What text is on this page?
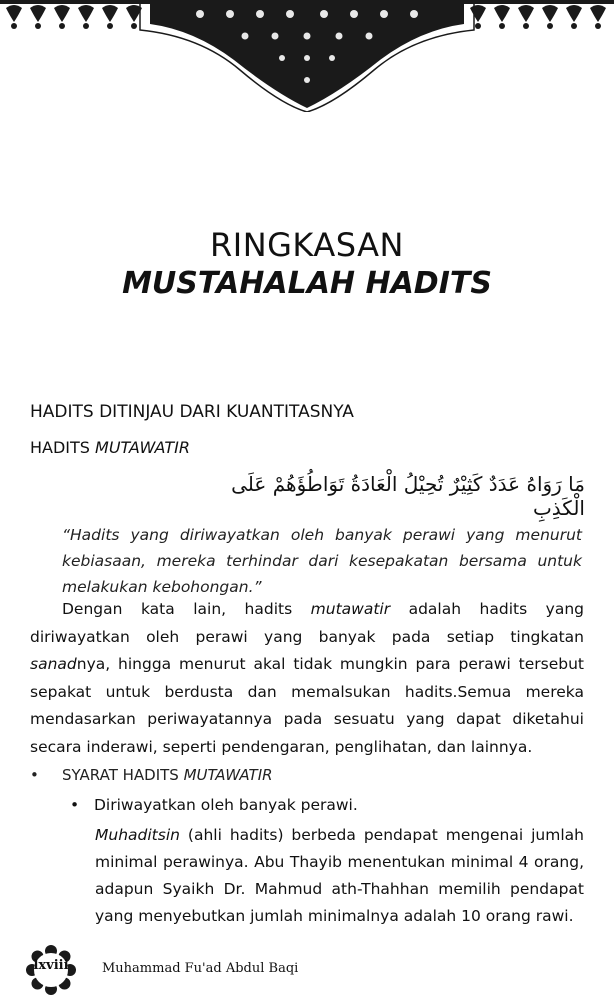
RINGKASAN
MUSTAHALAH HADITS
HADITS DITINJAU DARI KUANTITASNYA
HADITS MUTAWATIR
مَا رَوَاهُ عَدَدٌ كَثِيْرٌ تُحِيْلُ الْعَادَةُ تَوَاطُؤَهُمْ عَلَى الْكَذِبِ
“Hadits yang diriwayatkan oleh banyak perawi yang menurut kebiasaan, mereka terhindar dari kesepakatan bersama untuk melakukan kebohongan.”
Dengan kata lain, hadits mutawatir adalah hadits yang diriwayatkan oleh perawi yang banyak pada setiap tingkatan sanadnya, hingga menurut akal tidak mungkin para perawi tersebut sepakat untuk berdusta dan memalsukan hadits.Semua mereka mendasarkan periwayatannya pada sesuatu yang dapat diketahui secara inderawi, seperti pendengaran, penglihatan, dan lainnya.
• SYARAT HADITS MUTAWATIR
• Diriwayatkan oleh banyak perawi.
Muhaditsin (ahli hadits) berbeda pendapat mengenai jumlah minimal perawinya. Abu Thayib menentukan minimal 4 orang, adapun Syaikh Dr. Mahmud ath-Thahhan memilih pendapat yang menyebutkan jumlah minimalnya adalah 10 orang rawi.
lxviii	Muhammad Fu'ad Abdul Baqi
